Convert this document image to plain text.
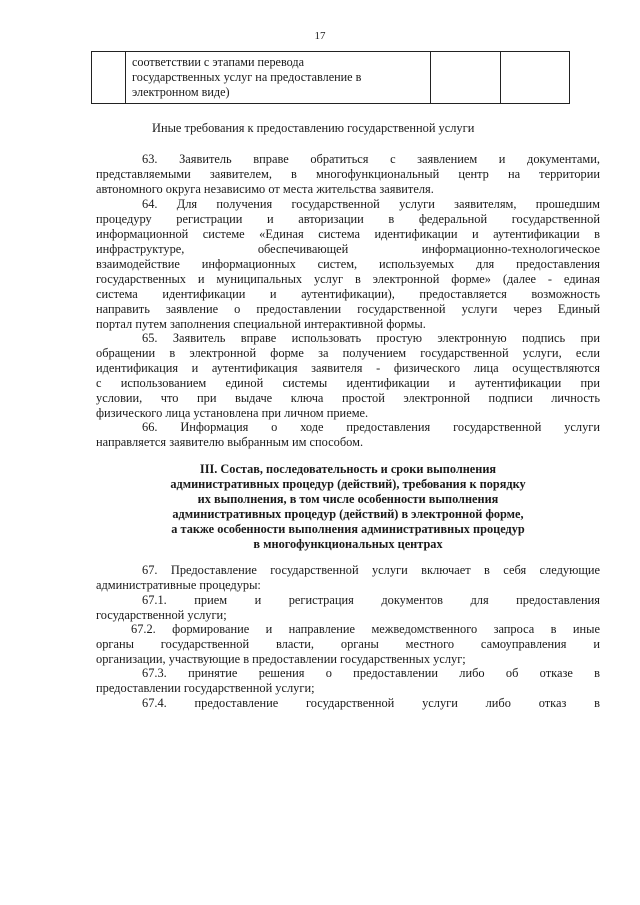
17

соответствии с этапами перевода
государственных услуг на предоставление в
электронном виде)

Иные требования к предоставлению государственной услуги
63. Заявитель вправе обратиться с заявлением и документами,
представляемыми заявителем, в многофункциональный центр на территории
автономного округа независимо от места жительства заявителя.
64. Для получения государственной услуги заявителям, прошедшим
процедуру регистрации и авторизации в федеральной государственной
информационной системе «Единая система идентификации и аутентификации в
инфраструктуре, обеспечивающей информационно-технологическое
взаимодействие информационных систем, используемых для предоставления
государственных и муниципальных услуг в электронной форме» (далее - единая
система идентификации и аутентификации), предоставляется возможность
направить заявление о предоставлении государственной услуги через Единый
портал путем заполнения специальной интерактивной формы.
65. Заявитель вправе использовать простую электронную подпись при
обращении в электронной форме за получением государственной услуги, если
идентификация и аутентификация заявителя - физического лица осуществляются
с использованием единой системы идентификации и аутентификации при
условии, что при выдаче ключа простой электронной подписи личность
физического лица установлена при личном приеме.
66. Информация о ходе предоставления государственной услуги
направляется заявителю выбранным им способом.
III. Состав, последовательность и сроки выполнения
административных процедур (действий), требования к порядку
их выполнения, в том числе особенности выполнения
административных процедур (действий) в электронной форме,
а также особенности выполнения административных процедур
в многофункциональных центрах
67. Предоставление государственной услуги включает в себя следующие
административные процедуры:
67.1. прием и регистрация документов для предоставления
государственной услуги;
67.2. формирование и направление межведомственного запроса в иные
органы государственной власти, органы местного самоуправления и
организации, участвующие в предоставлении государственных услуг;
67.3. принятие решения о предоставлении либо об отказе в
предоставлении государственной услуги;
67.4. предоставление государственной услуги либо отказ в
